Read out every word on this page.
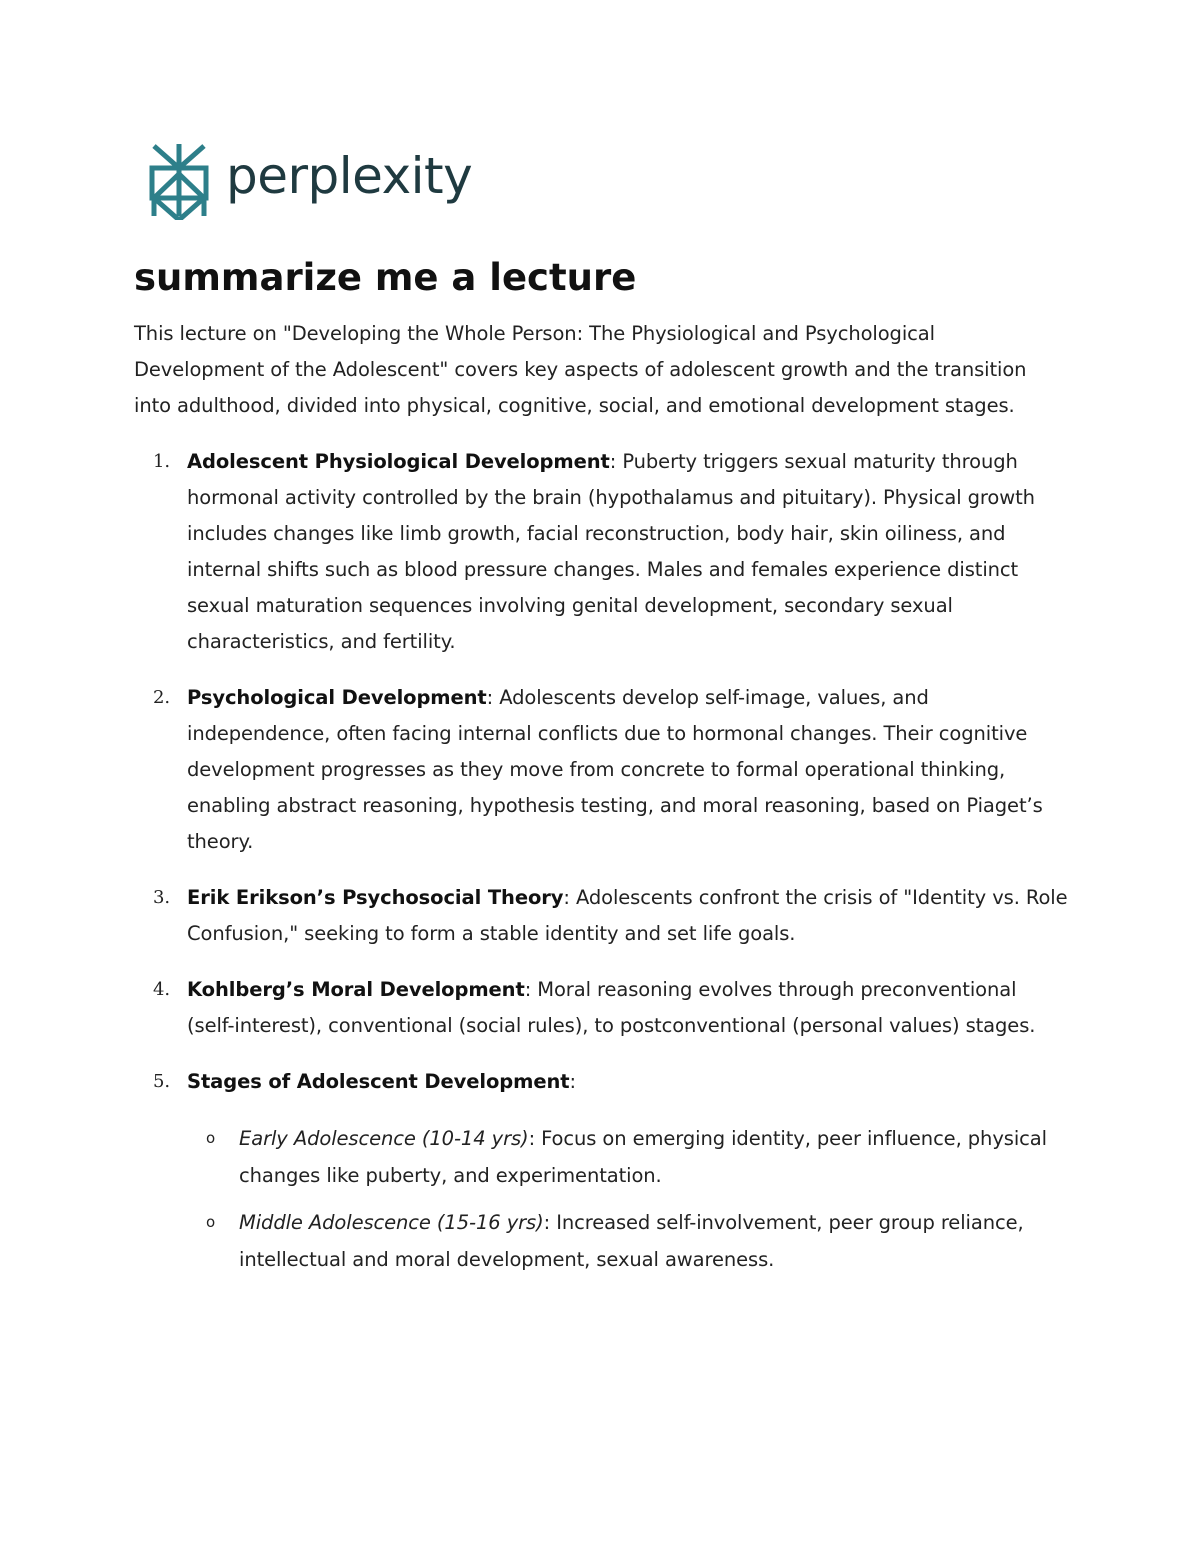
perplexity
summarize me a lecture

This lecture on "Developing the Whole Person: The Physiological and Psychological Development of the Adolescent" covers key aspects of adolescent growth and the transition into adulthood, divided into physical, cognitive, social, and emotional development stages.

1. Adolescent Physiological Development: Puberty triggers sexual maturity through hormonal activity controlled by the brain (hypothalamus and pituitary). Physical growth includes changes like limb growth, facial reconstruction, body hair, skin oiliness, and internal shifts such as blood pressure changes. Males and females experience distinct sexual maturation sequences involving genital development, secondary sexual characteristics, and fertility.
2. Psychological Development: Adolescents develop self-image, values, and independence, often facing internal conflicts due to hormonal changes. Their cognitive development progresses as they move from concrete to formal operational thinking, enabling abstract reasoning, hypothesis testing, and moral reasoning, based on Piaget’s theory.
3. Erik Erikson’s Psychosocial Theory: Adolescents confront the crisis of "Identity vs. Role Confusion," seeking to form a stable identity and set life goals.
4. Kohlberg’s Moral Development: Moral reasoning evolves through preconventional (self-interest), conventional (social rules), to postconventional (personal values) stages.
5. Stages of Adolescent Development:
o Early Adolescence (10-14 yrs): Focus on emerging identity, peer influence, physical changes like puberty, and experimentation.
o Middle Adolescence (15-16 yrs): Increased self-involvement, peer group reliance, intellectual and moral development, sexual awareness.
